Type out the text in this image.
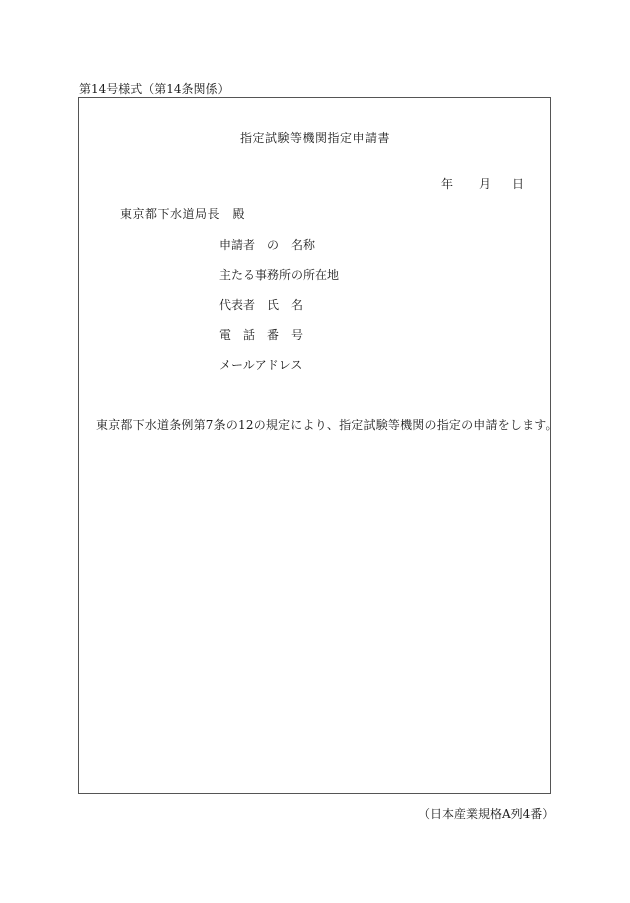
第14号様式（第14条関係）
指定試験等機関指定申請書
年 月 日
東京都下水道局長　殿
申請者　の　名称
主たる事務所の所在地
代表者　氏　名
電　話　番　号
メールアドレス
東京都下水道条例第7条の12の規定により、指定試験等機関の指定の申請をします。
（日本産業規格A列4番）
